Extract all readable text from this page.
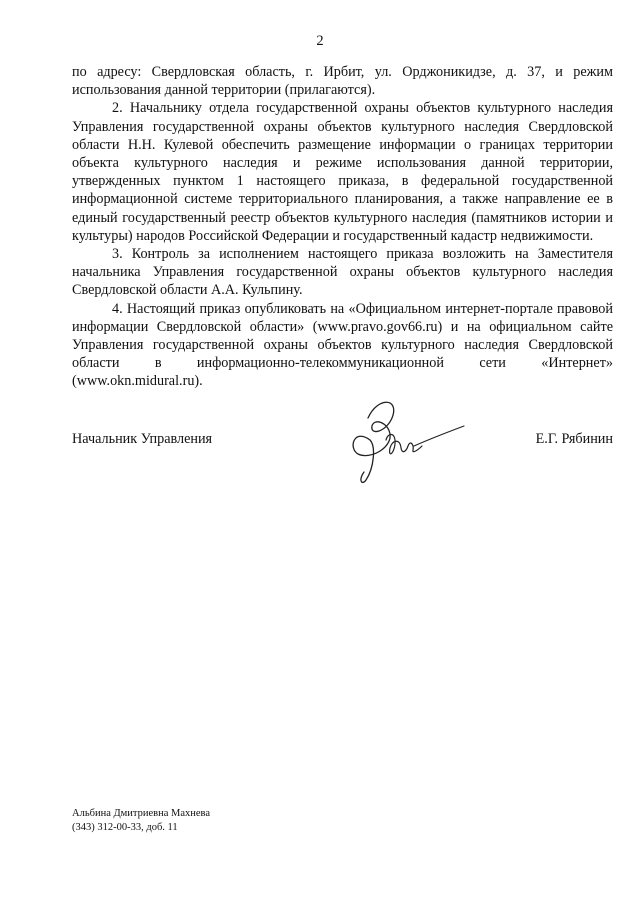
2

по адресу: Свердловская область, г. Ирбит, ул. Орджоникидзе, д. 37, и режим использования данной территории (прилагаются).

2. Начальнику отдела государственной охраны объектов культурного наследия Управления государственной охраны объектов культурного наследия Свердловской области Н.Н. Кулевой обеспечить размещение информации о границах территории объекта культурного наследия и режиме использования данной территории, утвержденных пунктом 1 настоящего приказа, в федеральной государственной информационной системе территориального планирования, а также направление ее в единый государственный реестр объектов культурного наследия (памятников истории и культуры) народов Российской Федерации и государственный кадастр недвижимости.

3. Контроль за исполнением настоящего приказа возложить на Заместителя начальника Управления государственной охраны объектов культурного наследия Свердловской области А.А. Кульпину.

4. Настоящий приказ опубликовать на «Официальном интернет-портале правовой информации Свердловской области» (www.pravo.gov66.ru) и на официальном сайте Управления государственной охраны объектов культурного наследия Свердловской области в информационно-телекоммуникационной сети «Интернет» (www.okn.midural.ru).

Начальник Управления	Е.Г. Рябинин
Альбина Дмитриевна Махнева
(343) 312-00-33, доб. 11
